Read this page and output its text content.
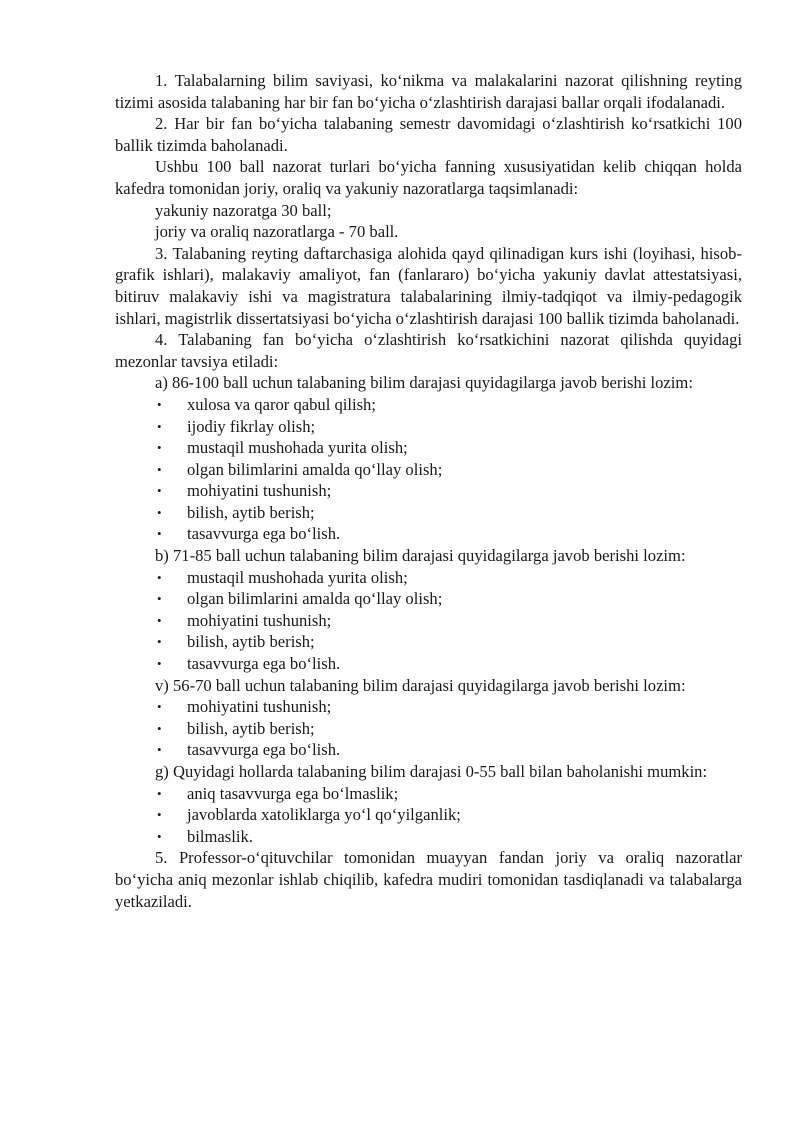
1. Talabalarning bilim saviyasi, ko‘nikma va malakalarini nazorat qilishning reyting tizimi asosida talabaning har bir fan bo‘yicha o‘zlashtirish darajasi ballar orqali ifodalanadi.

2. Har bir fan bo‘yicha talabaning semestr davomidagi o‘zlashtirish ko‘rsatkichi 100 ballik tizimda baholanadi.

Ushbu 100 ball nazorat turlari bo‘yicha fanning xususiyatidan kelib chiqqan holda kafedra tomonidan joriy, oraliq va yakuniy nazoratlarga taqsimlanadi:

yakuniy nazoratga 30 ball;

joriy va oraliq nazoratlarga - 70 ball.

3. Talabaning reyting daftarchasiga alohida qayd qilinadigan kurs ishi (loyihasi, hisob-grafik ishlari), malakaviy amaliyot, fan (fanlararo) bo‘yicha yakuniy davlat attestatsiyasi, bitiruv malakaviy ishi va magistratura talabalarining ilmiy-tadqiqot va ilmiy-pedagogik ishlari, magistrlik dissertatsiyasi bo‘yicha o‘zlashtirish darajasi 100 ballik tizimda baholanadi.

4. Talabaning fan bo‘yicha o‘zlashtirish ko‘rsatkichini nazorat qilishda quyidagi mezonlar tavsiya etiladi:

a) 86-100 ball uchun talabaning bilim darajasi quyidagilarga javob berishi lozim:

• xulosa va qaror qabul qilish;
• ijodiy fikrlay olish;
• mustaqil mushohada yurita olish;
• olgan bilimlarini amalda qo‘llay olish;
• mohiyatini tushunish;
• bilish, aytib berish;
• tasavvurga ega bo‘lish.

b) 71-85 ball uchun talabaning bilim darajasi quyidagilarga javob berishi lozim:

• mustaqil mushohada yurita olish;
• olgan bilimlarini amalda qo‘llay olish;
• mohiyatini tushunish;
• bilish, aytib berish;
• tasavvurga ega bo‘lish.

v) 56-70 ball uchun talabaning bilim darajasi quyidagilarga javob berishi lozim:

• mohiyatini tushunish;
• bilish, aytib berish;
• tasavvurga ega bo‘lish.

g) Quyidagi hollarda talabaning bilim darajasi 0-55 ball bilan baholanishi mumkin:

• aniq tasavvurga ega bo‘lmaslik;
• javoblarda xatoliklarga yo‘l qo‘yilganlik;
• bilmaslik.

5. Professor-o‘qituvchilar tomonidan muayyan fandan joriy va oraliq nazoratlar bo‘yicha aniq mezonlar ishlab chiqilib, kafedra mudiri tomonidan tasdiqlanadi va talabalarga yetkaziladi.
